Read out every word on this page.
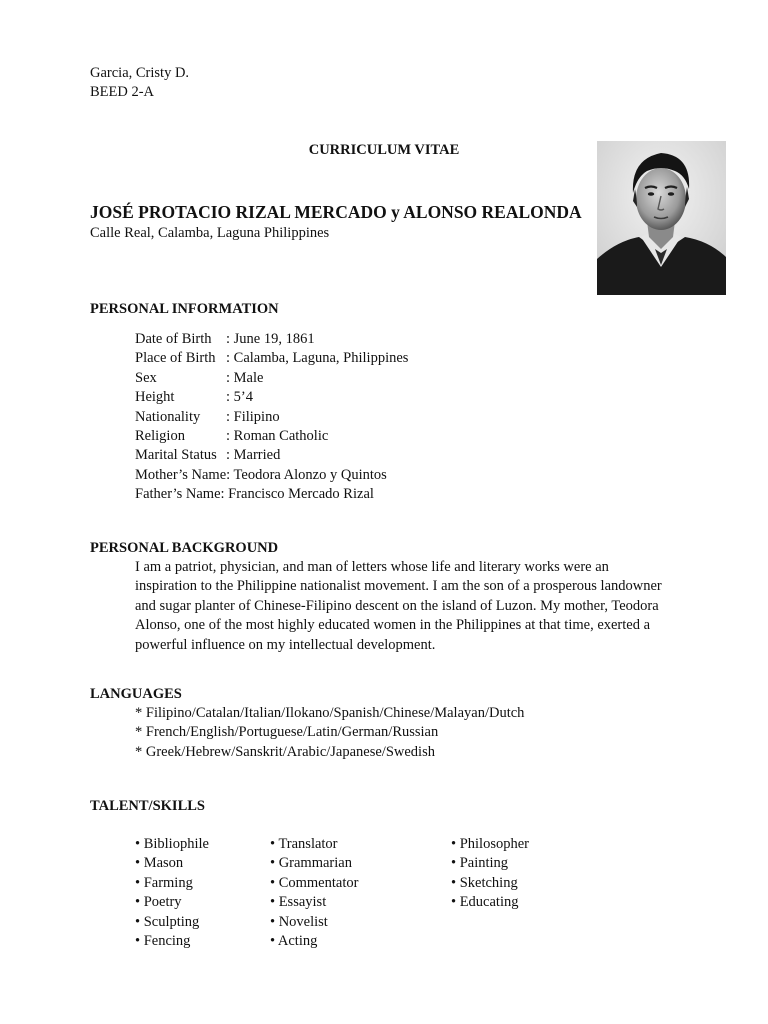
Garcia, Cristy D.
BEED 2-A
CURRICULUM VITAE
JOSÉ PROTACIO RIZAL MERCADO y ALONSO REALONDA
Calle Real, Calamba, Laguna Philippines
PERSONAL INFORMATION
Date of Birth : June 19, 1861
Place of Birth : Calamba, Laguna, Philippines
Sex	: Male
Height	: 5’4
Nationality	: Filipino
Religion	: Roman Catholic
Marital Status : Married
Mother’s Name : Teodora Alonzo y Quintos
Father’s Name : Francisco Mercado Rizal
PERSONAL BACKGROUND
I am a patriot, physician, and man of letters whose life and literary works were an inspiration to the Philippine nationalist movement. I am the son of a prosperous landowner and sugar planter of Chinese-Filipino descent on the island of Luzon. My mother, Teodora Alonso, one of the most highly educated women in the Philippines at that time, exerted a powerful influence on my intellectual development.
LANGUAGES
* Filipino/Catalan/Italian/Ilokano/Spanish/Chinese/Malayan/Dutch
* French/English/Portuguese/Latin/German/Russian
* Greek/Hebrew/Sanskrit/Arabic/Japanese/Swedish
TALENT/SKILLS
• Bibliophile
• Mason
• Farming
• Poetry
• Sculpting
• Fencing
• Translator
• Grammarian
• Commentator
• Essayist
• Novelist
• Acting
• Philosopher
• Painting
• Sketching
• Educating
